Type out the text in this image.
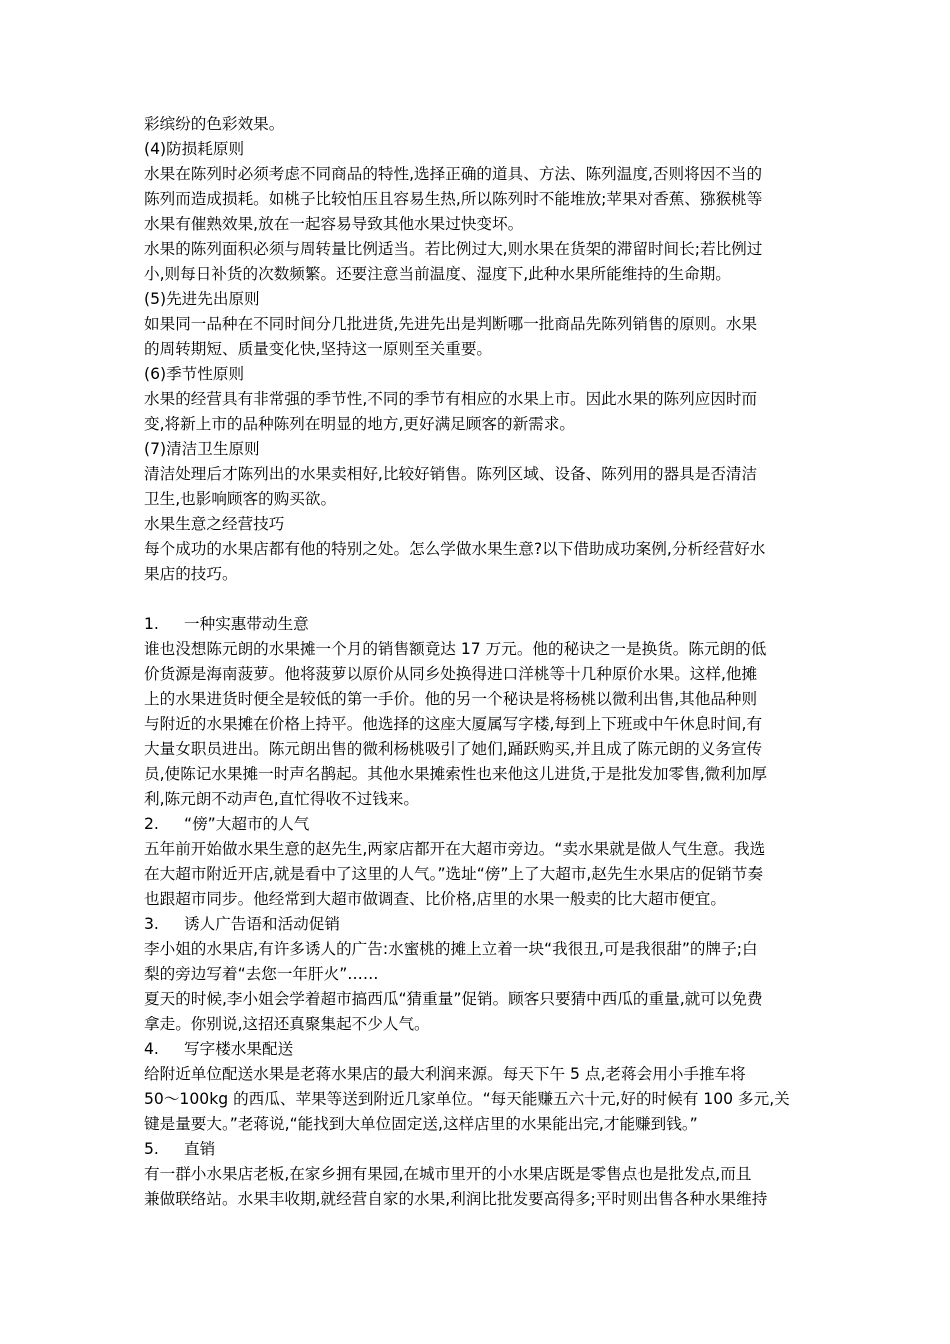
彩缤纷的色彩效果。

(4)防损耗原则

水果在陈列时必须考虑不同商品的特性,选择正确的道具、方法、陈列温度,否则将因不当的

陈列而造成损耗。如桃子比较怕压且容易生热,所以陈列时不能堆放;苹果对香蕉、猕猴桃等

水果有催熟效果,放在一起容易导致其他水果过快变坏。

水果的陈列面积必须与周转量比例适当。若比例过大,则水果在货架的滞留时间长;若比例过

小,则每日补货的次数频繁。还要注意当前温度、湿度下,此种水果所能维持的生命期。

(5)先进先出原则

如果同一品种在不同时间分几批进货,先进先出是判断哪一批商品先陈列销售的原则。水果

的周转期短、质量变化快,坚持这一原则至关重要。

(6)季节性原则

水果的经营具有非常强的季节性,不同的季节有相应的水果上市。因此水果的陈列应因时而

变,将新上市的品种陈列在明显的地方,更好满足顾客的新需求。

(7)清洁卫生原则

清洁处理后才陈列出的水果卖相好,比较好销售。陈列区域、设备、陈列用的器具是否清洁

卫生,也影响顾客的购买欲。

水果生意之经营技巧

每个成功的水果店都有他的特别之处。怎么学做水果生意?以下借助成功案例,分析经营好水

果店的技巧。

1. 一种实惠带动生意

谁也没想陈元朗的水果摊一个月的销售额竟达 17 万元。他的秘诀之一是换货。陈元朗的低

价货源是海南菠萝。他将菠萝以原价从同乡处换得进口洋桃等十几种原价水果。这样,他摊

上的水果进货时便全是较低的第一手价。他的另一个秘诀是将杨桃以微利出售,其他品种则

与附近的水果摊在价格上持平。他选择的这座大厦属写字楼,每到上下班或中午休息时间,有

大量女职员进出。陈元朗出售的微利杨桃吸引了她们,踊跃购买,并且成了陈元朗的义务宣传

员,使陈记水果摊一时声名鹊起。其他水果摊索性也来他这儿进货,于是批发加零售,微利加厚

利,陈元朗不动声色,直忙得收不过钱来。

2. “傍”大超市的人气

五年前开始做水果生意的赵先生,两家店都开在大超市旁边。“卖水果就是做人气生意。我选

在大超市附近开店,就是看中了这里的人气。”选址“傍”上了大超市,赵先生水果店的促销节奏

也跟超市同步。他经常到大超市做调查、比价格,店里的水果一般卖的比大超市便宜。

3. 诱人广告语和活动促销

李小姐的水果店,有许多诱人的广告:水蜜桃的摊上立着一块“我很丑,可是我很甜”的牌子;白

梨的旁边写着“去您一年肝火”……

夏天的时候,李小姐会学着超市搞西瓜“猜重量”促销。顾客只要猜中西瓜的重量,就可以免费

拿走。你别说,这招还真聚集起不少人气。

4. 写字楼水果配送

给附近单位配送水果是老蒋水果店的最大利润来源。每天下午 5 点,老蒋会用小手推车将

50～100kg 的西瓜、苹果等送到附近几家单位。“每天能赚五六十元,好的时候有 100 多元,关

键是量要大。”老蒋说,“能找到大单位固定送,这样店里的水果能出完,才能赚到钱。”

5. 直销

有一群小水果店老板,在家乡拥有果园,在城市里开的小水果店既是零售点也是批发点,而且

兼做联络站。水果丰收期,就经营自家的水果,利润比批发要高得多;平时则出售各种水果维持
